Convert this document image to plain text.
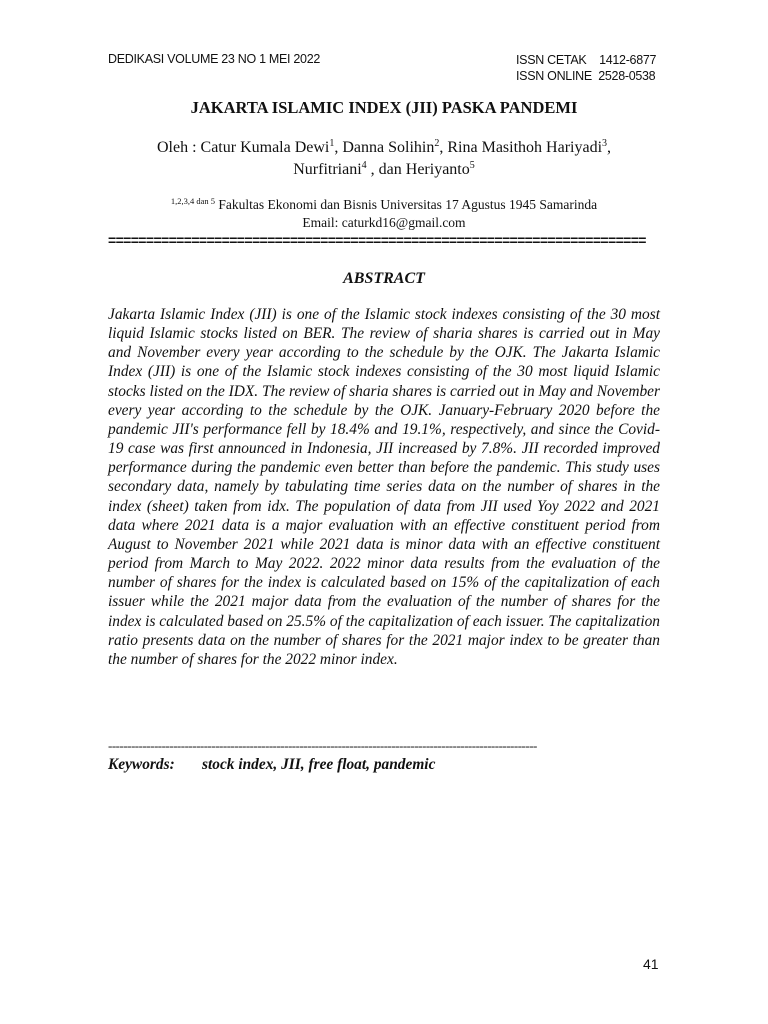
DEDIKASI VOLUME 23 NO 1 MEI 2022	ISSN CETAK    1412-6877
ISSN ONLINE  2528-0538
JAKARTA ISLAMIC INDEX (JII) PASKA PANDEMI
Oleh : Catur Kumala Dewi$^1$, Danna Solihin$^2$, Rina Masithoh Hariyadi$^3$,
Nurfitriani$^4$ , dan Heriyanto$^5$
$^{1,2,3,4 dan 5}$ Fakultas Ekonomi dan Bisnis Universitas 17 Agustus 1945 Samarinda
Email: caturkd16@gmail.com
=======================================================================
ABSTRACT

Jakarta Islamic Index (JII) is one of the Islamic stock indexes consisting of the 30 most liquid Islamic stocks listed on BER. The review of sharia shares is carried out in May and November every year according to the schedule by the OJK. The Jakarta Islamic Index (JII) is one of the Islamic stock indexes consisting of the 30 most liquid Islamic stocks listed on the IDX. The review of sharia shares is carried out in May and November every year according to the schedule by the OJK. January-February 2020 before the pandemic JII's performance fell by 18.4% and 19.1%, respectively, and since the Covid-19 case was first announced in Indonesia, JII increased by 7.8%. JII recorded improved performance during the pandemic even better than before the pandemic. This study uses secondary data, namely by tabulating time series data on the number of shares in the index (sheet) taken from idx. The population of data from JII used Yoy 2022 and 2021 data where 2021 data is a major evaluation with an effective constituent period from August to November 2021 while 2021 data is minor data with an effective constituent period from March to May 2022. 2022 minor data results from the evaluation of the number of shares for the index is calculated based on 15% of the capitalization of each issuer while the 2021 major data from the evaluation of the number of shares for the index is calculated based on 25.5% of the capitalization of each issuer. The capitalization ratio presents data on the number of shares for the 2021 major index to be greater than the number of shares for the 2022 minor index.

----------------------------------------------------------------------------------------------------------------
Keywords: stock index, JII, free float, pandemic
41
